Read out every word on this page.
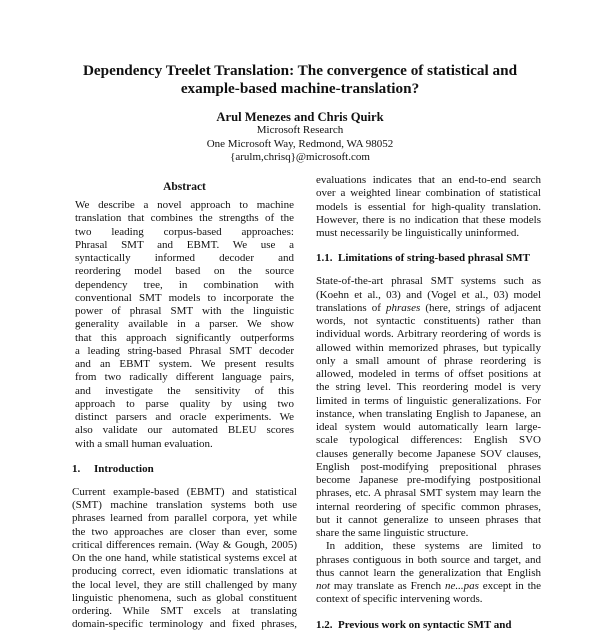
Dependency Treelet Translation: The convergence of statistical and
example-based machine-translation?
Arul Menezes and Chris Quirk
Microsoft Research
One Microsoft Way, Redmond, WA 98052
{arulm,chrisq}@microsoft.com
Abstract
We describe a novel approach to machine
translation that combines the strengths of the
two leading corpus-based approaches:
Phrasal SMT and EBMT. We use a
syntactically informed decoder and
reordering model based on the source
dependency tree, in combination with
conventional SMT models to incorporate the
power of phrasal SMT with the linguistic
generality available in a parser. We show
that this approach significantly outperforms
a leading string-based Phrasal SMT decoder
and an EBMT system. We present results
from two radically different language pairs,
and investigate the sensitivity of this
approach to parse quality by using two
distinct parsers and oracle experiments. We
also validate our automated BLEU scores
with a small human evaluation.
1. Introduction
Current example-based (EBMT) and statistical
(SMT) machine translation systems both use
phrases learned from parallel corpora, yet while
the two approaches are closer than ever, some
critical differences remain. (Way & Gough, 2005)
On the one hand, while statistical systems excel at
producing correct, even idiomatic translations at
the local level, they are still challenged by many
linguistic phenomena, such as global constituent
ordering. While SMT excels at translating
domain-specific terminology and fixed phrases,
evaluations indicates that an end-to-end search
over a weighted linear combination of statistical
models is essential for high-quality translation.
However, there is no indication that these models
must necessarily be linguistically uninformed.
1.1. Limitations of string-based phrasal SMT
State-of-the-art phrasal SMT systems such as
(Koehn et al., 03) and (Vogel et al., 03) model
translations of phrases (here, strings of adjacent
words, not syntactic constituents) rather than
individual words. Arbitrary reordering of words is
allowed within memorized phrases, but typically
only a small amount of phrase reordering is
allowed, modeled in terms of offset positions at
the string level. This reordering model is very
limited in terms of linguistic generalizations. For
instance, when translating English to Japanese, an
ideal system would automatically learn large-
scale typological differences: English SVO
clauses generally become Japanese SOV clauses,
English post-modifying prepositional phrases
become Japanese pre-modifying postpositional
phrases, etc. A phrasal SMT system may learn the
internal reordering of specific common phrases,
but it cannot generalize to unseen phrases that
share the same linguistic structure.
In addition, these systems are limited to
phrases contiguous in both source and target, and
thus cannot learn the generalization that English
not may translate as French ne...pas except in the
context of specific intervening words.
1.2. Previous work on syntactic SMT and
